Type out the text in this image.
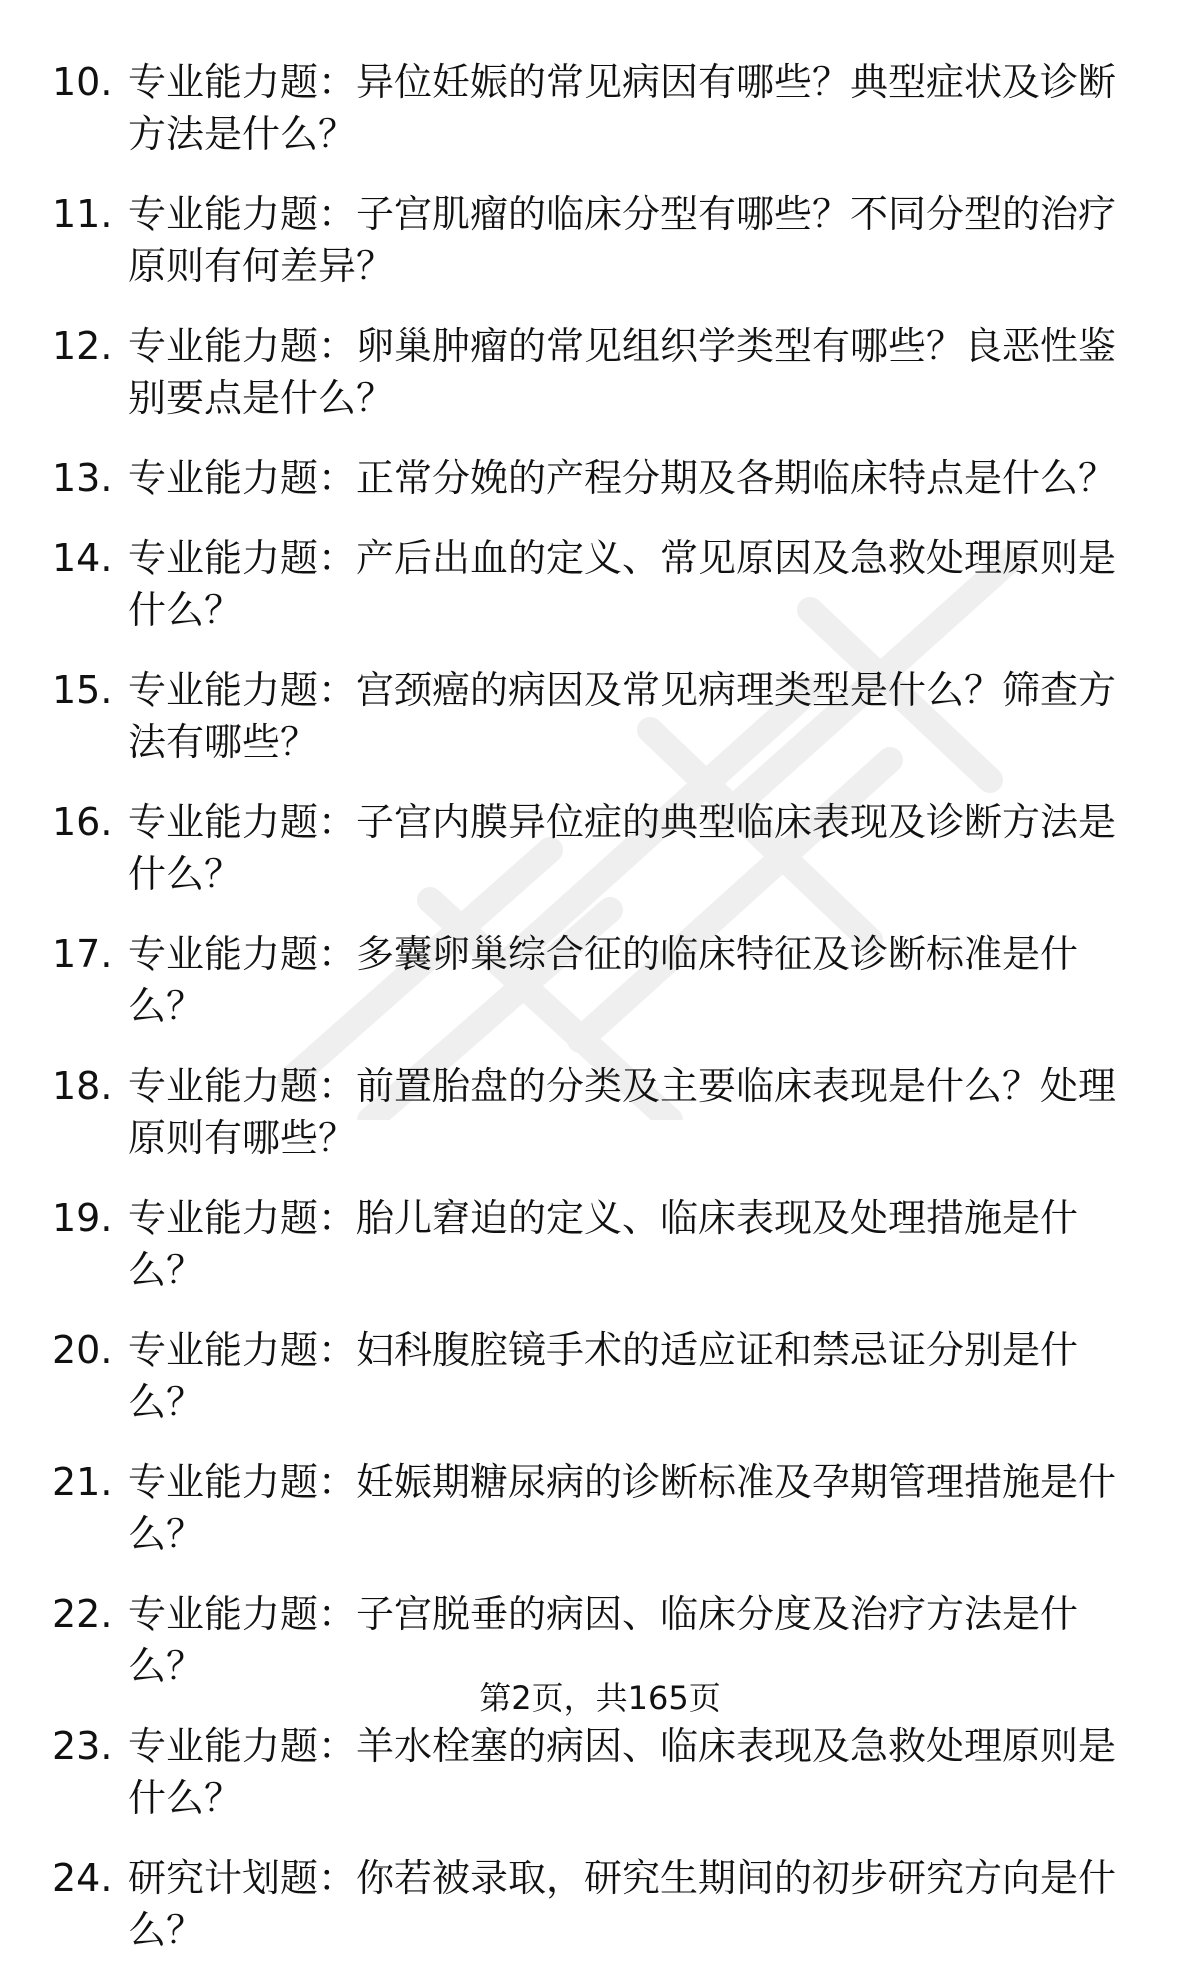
10. 专业能力题：异位妊娠的常见病因有哪些？典型症状及诊断方法是什么？
11. 专业能力题：子宫肌瘤的临床分型有哪些？不同分型的治疗原则有何差异？
12. 专业能力题：卵巢肿瘤的常见组织学类型有哪些？良恶性鉴别要点是什么？
13. 专业能力题：正常分娩的产程分期及各期临床特点是什么？
14. 专业能力题：产后出血的定义、常见原因及急救处理原则是什么？
15. 专业能力题：宫颈癌的病因及常见病理类型是什么？筛查方法有哪些？
16. 专业能力题：子宫内膜异位症的典型临床表现及诊断方法是什么？
17. 专业能力题：多囊卵巢综合征的临床特征及诊断标准是什么？
18. 专业能力题：前置胎盘的分类及主要临床表现是什么？处理原则有哪些？
19. 专业能力题：胎儿窘迫的定义、临床表现及处理措施是什么？
20. 专业能力题：妇科腹腔镜手术的适应证和禁忌证分别是什么？
21. 专业能力题：妊娠期糖尿病的诊断标准及孕期管理措施是什么？
22. 专业能力题：子宫脱垂的病因、临床分度及治疗方法是什么？
23. 专业能力题：羊水栓塞的病因、临床表现及急救处理原则是什么？
24. 研究计划题：你若被录取，研究生期间的初步研究方向是什么？
第2页，共165页
